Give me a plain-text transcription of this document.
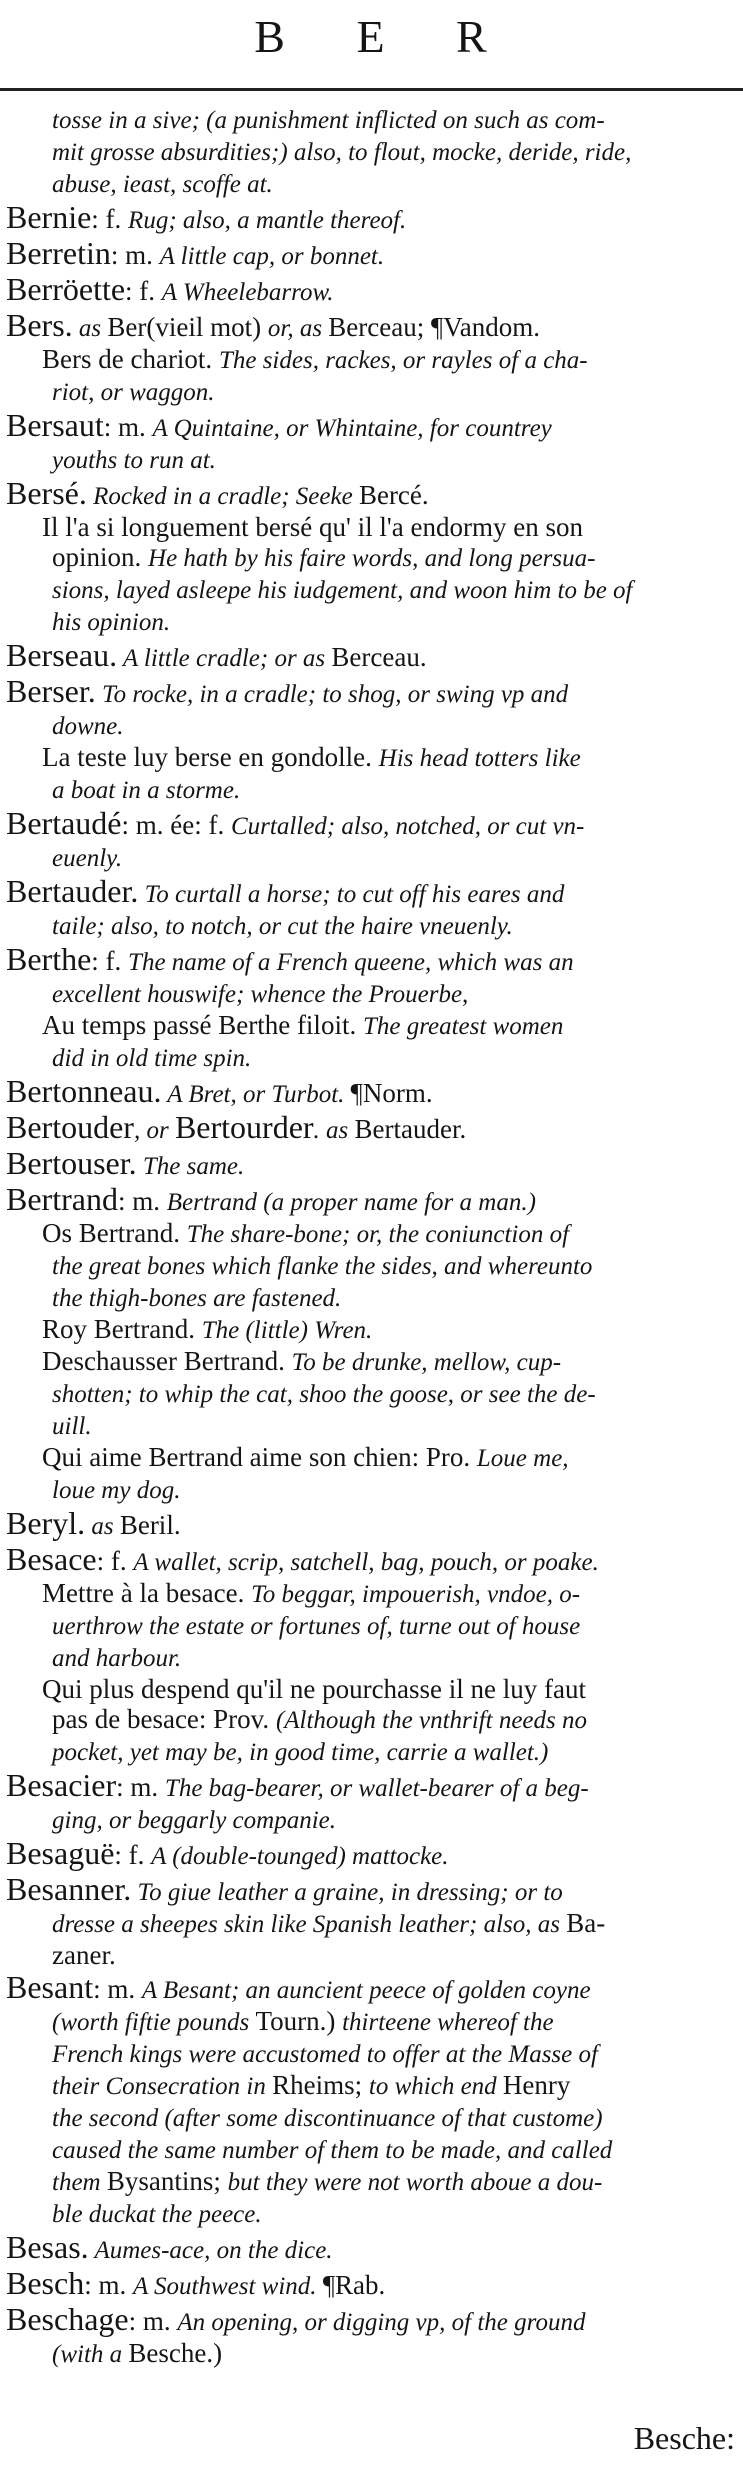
B E R
tosse in a sive; (a punishment inflicted on such as com-
mit grosse absurdities;) also, to flout, mocke, deride, ride,
abuse, ieast, scoffe at.
Bernie: f. Rug; also, a mantle thereof.
Berretin: m. A little cap, or bonnet.
Berröette: f. A Wheelebarrow.
Bers. as Ber(vieil mot) or, as Berceau; ¶Vandom.
Bers de chariot. The sides, rackes, or rayles of a cha-
riot, or waggon.
Bersaut: m. A Quintaine, or Whintaine, for countrey
youths to run at.
Bersé. Rocked in a cradle; Seeke Bercé.
Il l'a si longuement bersé qu' il l'a endormy en son
opinion. He hath by his faire words, and long persua-
sions, layed asleepe his iudgement, and woon him to be of
his opinion.
Berseau. A little cradle; or as Berceau.
Berser. To rocke, in a cradle; to shog, or swing vp and
downe.
La teste luy berse en gondolle. His head totters like
a boat in a storme.
Bertaudé: m. ée: f. Curtalled; also, notched, or cut vn-
euenly.
Bertauder. To curtall a horse; to cut off his eares and
taile; also, to notch, or cut the haire vneuenly.
Berthe: f. The name of a French queene, which was an
excellent houswife; whence the Prouerbe,
Au temps passé Berthe filoit. The greatest women
did in old time spin.
Bertonneau. A Bret, or Turbot. ¶Norm.
Bertouder, or Bertourder. as Bertauder.
Bertouser. The same.
Bertrand: m. Bertrand (a proper name for a man.)
Os Bertrand. The share-bone; or, the coniunction of
the great bones which flanke the sides, and whereunto
the thigh-bones are fastened.
Roy Bertrand. The (little) Wren.
Deschausser Bertrand. To be drunke, mellow, cup-
shotten; to whip the cat, shoo the goose, or see the de-
uill.
Qui aime Bertrand aime son chien: Pro. Loue me,
loue my dog.
Beryl. as Beril.
Besace: f. A wallet, scrip, satchell, bag, pouch, or poake.
Mettre à la besace. To beggar, impouerish, vndoe, o-
uerthrow the estate or fortunes of, turne out of house
and harbour.
Qui plus despend qu'il ne pourchasse il ne luy faut
pas de besace: Prov. (Although the vnthrift needs no
pocket, yet may be, in good time, carrie a wallet.)
Besacier: m. The bag-bearer, or wallet-bearer of a beg-
ging, or beggarly companie.
Besaguë: f. A (double-tounged) mattocke.
Besanner. To giue leather a graine, in dressing; or to
dresse a sheepes skin like Spanish leather; also, as Ba-
zaner.
Besant: m. A Besant; an auncient peece of golden coyne
(worth fiftie pounds Tourn.) thirteene whereof the
French kings were accustomed to offer at the Masse of
their Consecration in Rheims; to which end Henry
the second (after some discontinuance of that custome)
caused the same number of them to be made, and called
them Bysantins; but they were not worth aboue a dou-
ble duckat the peece.
Besas. Aumes-ace, on the dice.
Besch: m. A Southwest wind. ¶Rab.
Beschage: m. An opening, or digging vp, of the ground
(with a Besche.)
Besche:
